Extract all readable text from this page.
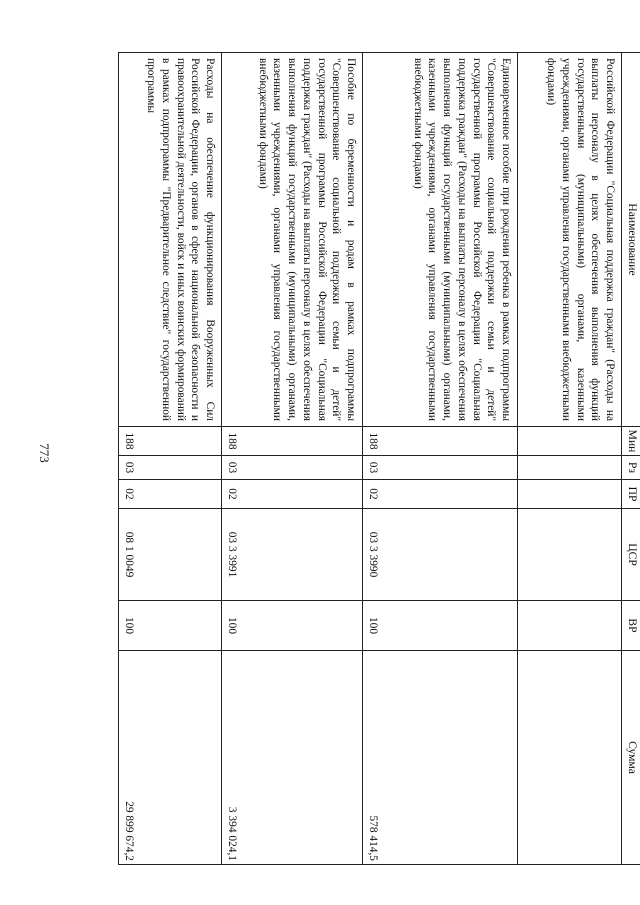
773
Наименование	Мин	Рз	ПР	ЦСР	ВР	Сумма
Российской Федерации "Социальная поддержка граждан" (Расходы на выплаты персоналу в целях обеспечения выполнения функций государственными (муниципальными) органами, казенными учреждениями, органами управления государственными внебюджетными фондами)						
Единовременное пособие при рождении ребенка в рамках подпрограммы "Совершенствование социальной поддержки семьи и детей" государственной программы Российской Федерации "Социальная поддержка граждан" (Расходы на выплаты персоналу в целях обеспечения выполнения функций государственными (муниципальными) органами, казенными учреждениями, органами управления государственными внебюджетными фондами)	188	03	02	03 3 3990	100	578 414,5
Пособие по беременности и родам в рамках подпрограммы "Совершенствование социальной поддержки семьи и детей" государственной программы Российской Федерации "Социальная поддержка граждан" (Расходы на выплаты персоналу в целях обеспечения выполнения функций государственными (муниципальными) органами, казенными учреждениями, органами управления государственными внебюджетными фондами)	188	03	02	03 3 3991	100	3 394 024,1
Расходы на обеспечение функционирования Вооруженных Сил Российской Федерации, органов в сфере национальной безопасности и правоохранительной деятельности, войск и иных воинских формирований в рамках подпрограммы "Предварительное следствие" государственной программы	188	03	02	08 1 0049	100	29 899 674,2
